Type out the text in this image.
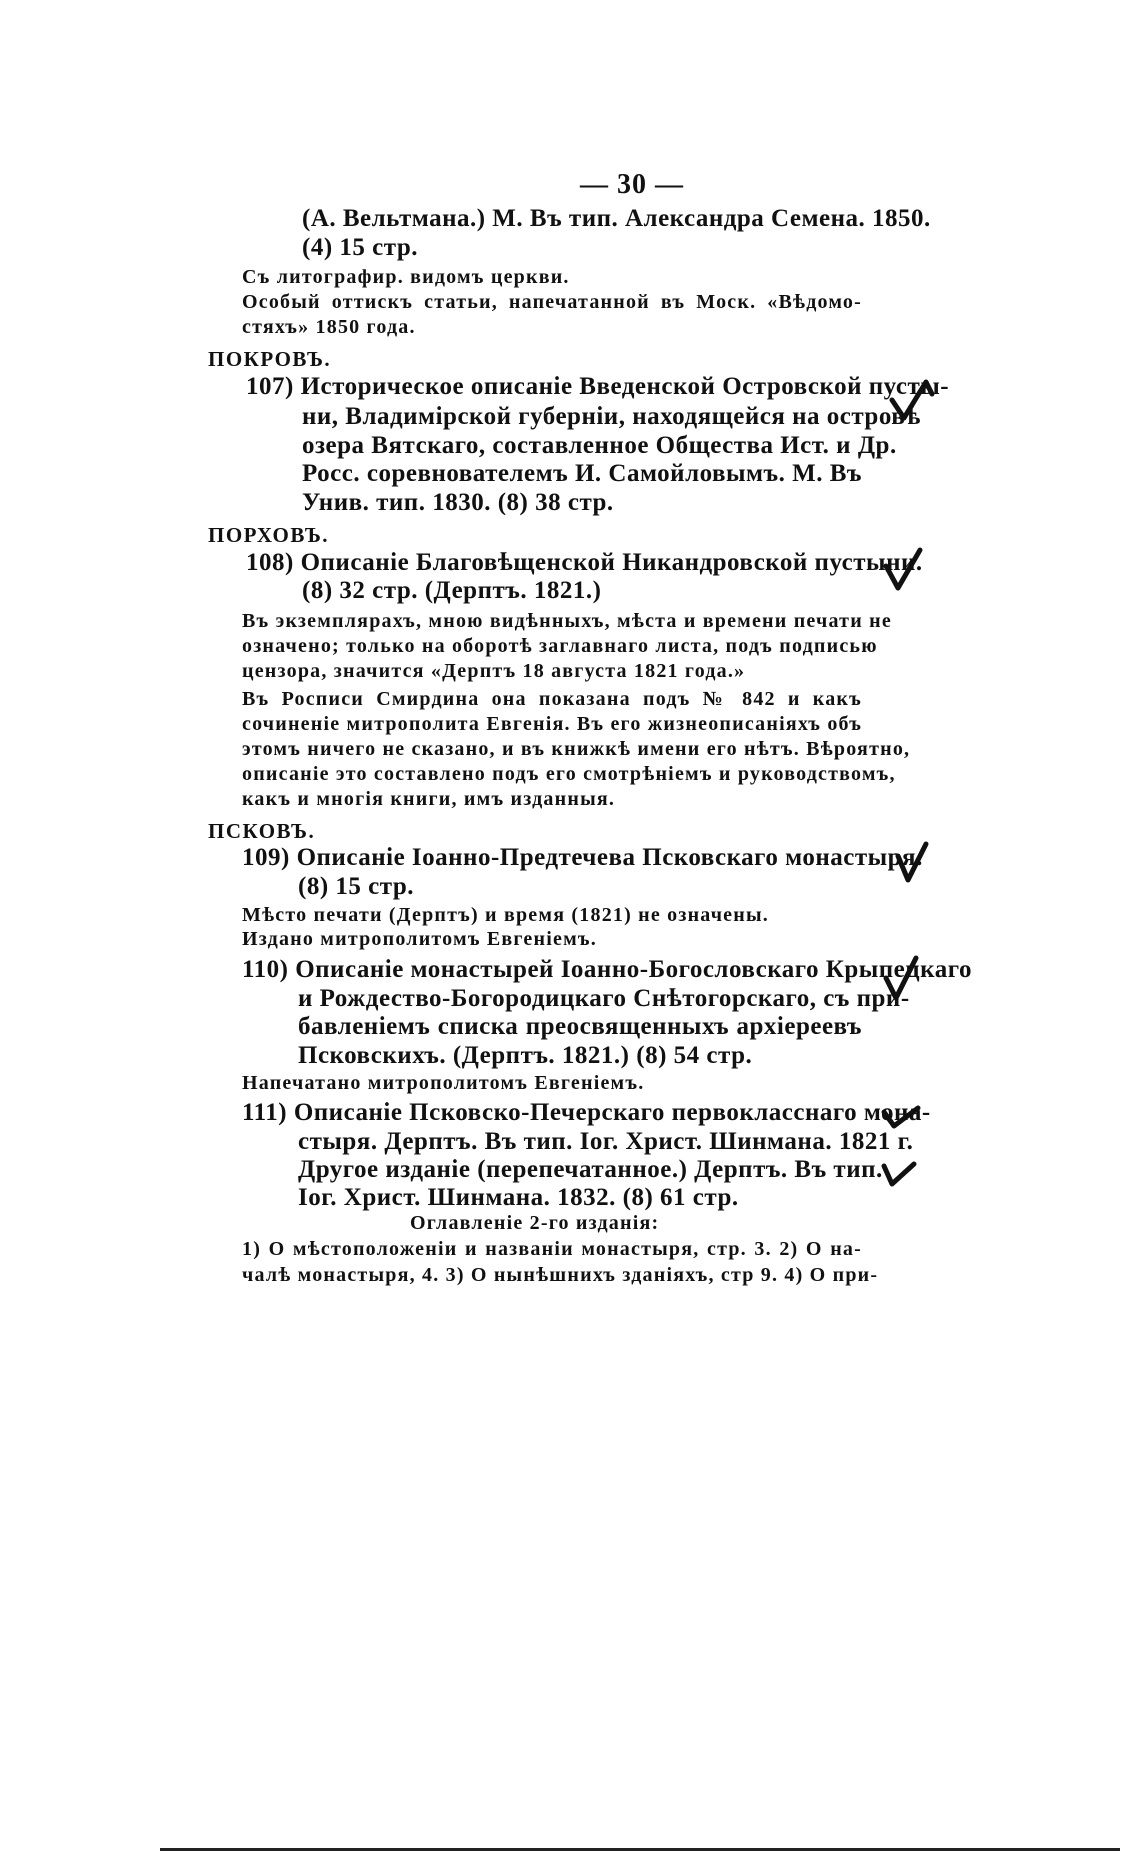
— 30 —
(А. Вельтмана.) М. Въ тип. Александра Семена. 1850.
(4) 15 стр.
Съ литографир. видомъ церкви.
Особый оттискъ статьи, напечатанной въ Моск. «Вѣдомо-
стяхъ» 1850 года.
ПОКРОВЪ.
107) Историческое описаніе Введенской Островской пусты-
ни, Владимірской губерніи, находящейся на островѣ
озера Вятскаго, составленное Общества Ист. и Др.
Росс. соревнователемъ И. Самойловымъ. М. Въ
Унив. тип. 1830. (8) 38 стр.
ПОРХОВЪ.
108) Описаніе Благовѣщенской Никандровской пустыни.
(8) 32 стр. (Дерптъ. 1821.)
Въ экземплярахъ, мною видѣнныхъ, мѣста и времени печати не
означено; только на оборотѣ заглавнаго листа, подъ подписью
цензора, значится «Дерптъ 18 августа 1821 года.»
Въ Росписи Смирдина она показана подъ № 842 и какъ
сочиненіе митрополита Евгенія. Въ его жизнеописаніяхъ объ
этомъ ничего не сказано, и въ книжкѣ имени его нѣтъ. Вѣроятно,
описаніе это составлено подъ его смотрѣніемъ и руководствомъ,
какъ и многія книги, имъ изданныя.
ПСКОВЪ.
109) Описаніе Іоанно-Предтечева Псковскаго монастыря.
(8) 15 стр.
Мѣсто печати (Дерптъ) и время (1821) не означены.
Издано митрополитомъ Евгеніемъ.
110) Описаніе монастырей Іоанно-Богословскаго Крыпецкаго
и Рождество-Богородицкаго Снѣтогорскаго, съ при-
бавленіемъ списка преосвященныхъ архіереевъ
Псковскихъ. (Дерптъ. 1821.) (8) 54 стр.
Напечатано митрополитомъ Евгеніемъ.
111) Описаніе Псковско-Печерскаго первокласснаго мона-
стыря. Дерптъ. Въ тип. Іог. Христ. Шинмана. 1821 г.
Другое изданіе (перепечатанное.) Дерптъ. Въ тип.
Іог. Христ. Шинмана. 1832. (8) 61 стр.
Оглавленіе 2-го изданія:
1) О мѣстоположеніи и названіи монастыря, стр. 3. 2) О на-
чалѣ монастыря, 4. 3) О нынѣшнихъ зданіяхъ, стр 9. 4) О при-
